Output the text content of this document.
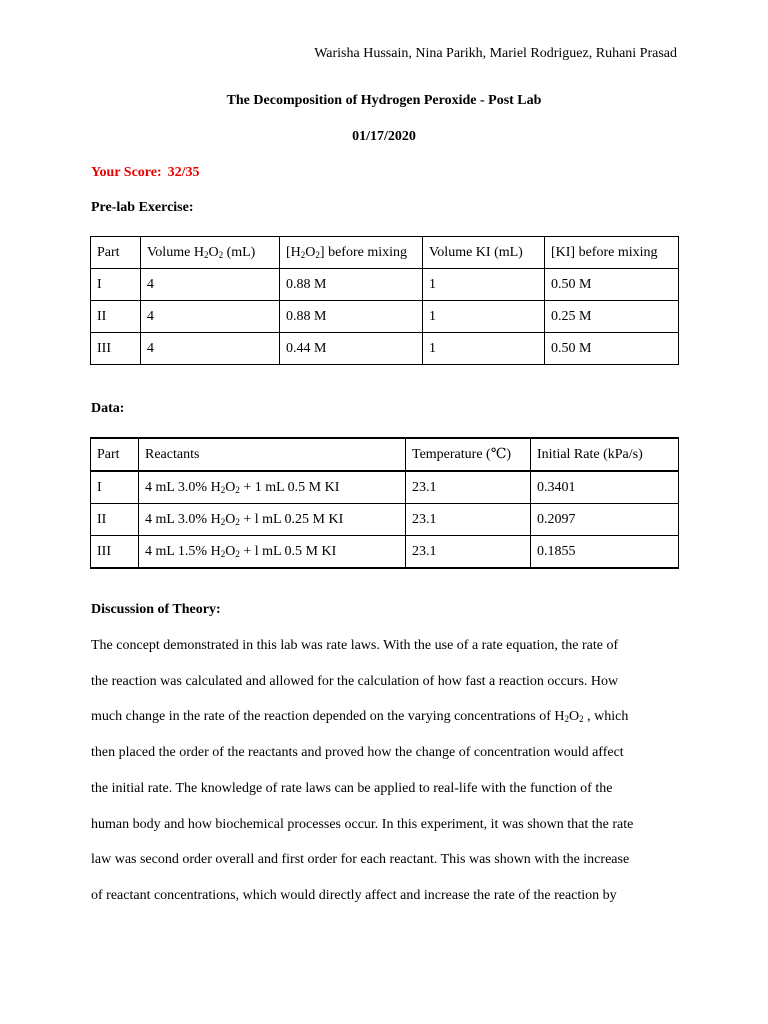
Warisha Hussain, Nina Parikh, Mariel Rodriguez, Ruhani Prasad
The Decomposition of Hydrogen Peroxide - Post Lab
01/17/2020
Your Score: 32/35
Pre-lab Exercise:
Part	Volume $H_2O_2$ (mL)	$[H_2O_2]$ before mixing	Volume KI (mL)	[KI] before mixing
I	4	0.88 M	1	0.50 M
II	4	0.88 M	1	0.25 M
III	4	0.44 M	1	0.50 M
Data:
Part	Reactants	Temperature (℃)	Initial Rate (kPa/s)
I	4 mL 3.0% $H_2O_2 + 1$ mL 0.5 M KI	23.1	0.3401
II	4 mL 3.0% $H_2O_2 + l$ mL 0.25 M KI	23.1	0.2097
III	4 mL 1.5% $H_2O_2 + l$ mL 0.5 M KI	23.1	0.1855
Discussion of Theory:
The concept demonstrated in this lab was rate laws. With the use of a rate equation, the rate of
the reaction was calculated and allowed for the calculation of how fast a reaction occurs. How
much change in the rate of the reaction depended on the varying concentrations of $H_2O_2$ , which
then placed the order of the reactants and proved how the change of concentration would affect
the initial rate. The knowledge of rate laws can be applied to real-life with the function of the
human body and how biochemical processes occur. In this experiment, it was shown that the rate
law was second order overall and first order for each reactant. This was shown with the increase
of reactant concentrations, which would directly affect and increase the rate of the reaction by
